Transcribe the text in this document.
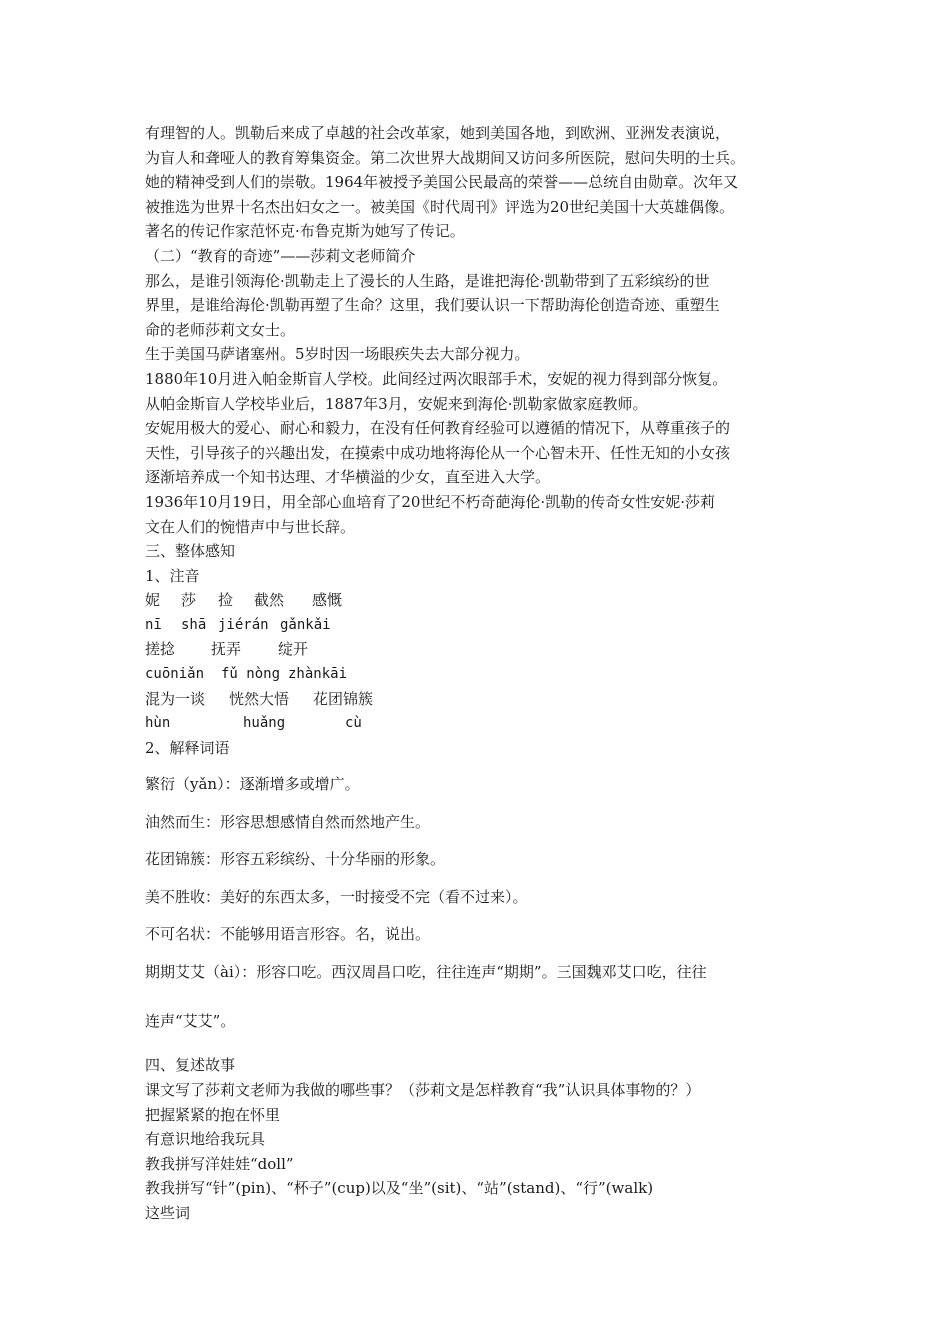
有理智的人。凯勒后来成了卓越的社会改革家，她到美国各地，到欧洲、亚洲发表演说，
为盲人和聋哑人的教育筹集资金。第二次世界大战期间又访问多所医院，慰问失明的士兵。
她的精神受到人们的崇敬。1964年被授予美国公民最高的荣誉——总统自由勋章。次年又
被推选为世界十名杰出妇女之一。被美国《时代周刊》评选为20世纪美国十大英雄偶像。
著名的传记作家范怀克·布鲁克斯为她写了传记。
（二）“教育的奇迹”——莎莉文老师简介
那么，是谁引领海伦·凯勒走上了漫长的人生路，是谁把海伦·凯勒带到了五彩缤纷的世
界里，是谁给海伦·凯勒再塑了生命？这里，我们要认识一下帮助海伦创造奇迹、重塑生
命的老师莎莉文女士。
生于美国马萨诸塞州。5岁时因一场眼疾失去大部分视力。
1880年10月进入帕金斯盲人学校。此间经过两次眼部手术，安妮的视力得到部分恢复。
从帕金斯盲人学校毕业后，1887年3月，安妮来到海伦·凯勒家做家庭教师。
安妮用极大的爱心、耐心和毅力，在没有任何教育经验可以遵循的情况下，从尊重孩子的
天性，引导孩子的兴趣出发，在摸索中成功地将海伦从一个心智未开、任性无知的小女孩
逐渐培养成一个知书达理、才华横溢的少女，直至进入大学。
1936年10月19日，用全部心血培育了20世纪不朽奇葩海伦·凯勒的传奇女性安妮·莎莉
文在人们的惋惜声中与世长辞。
三、整体感知
1、注音
妮 莎 捡 截然 感慨
nī shā jiérán gǎnkǎi
搓捻 抚弄 绽开
cuōniǎn fǔ nòng zhànkāi
混为一谈 恍然大悟 花团锦簇
hùn	huǎng	cù
2、解释词语
繁衍（yǎn）：逐渐增多或增广。
油然而生：形容思想感情自然而然地产生。
花团锦簇：形容五彩缤纷、十分华丽的形象。
美不胜收：美好的东西太多，一时接受不完（看不过来）。
不可名状：不能够用语言形容。名，说出。
期期艾艾（ài）：形容口吃。西汉周昌口吃，往往连声“期期”。三国魏邓艾口吃，往往
连声“艾艾”。
四、复述故事
课文写了莎莉文老师为我做的哪些事？（莎莉文是怎样教育“我”认识具体事物的？）
把握紧紧的抱在怀里
有意识地给我玩具
教我拼写洋娃娃“doll”
教我拼写“针”(pin)、“杯子”(cup)以及“坐”(sit)、“站”(stand)、“行”(walk)
这些词
